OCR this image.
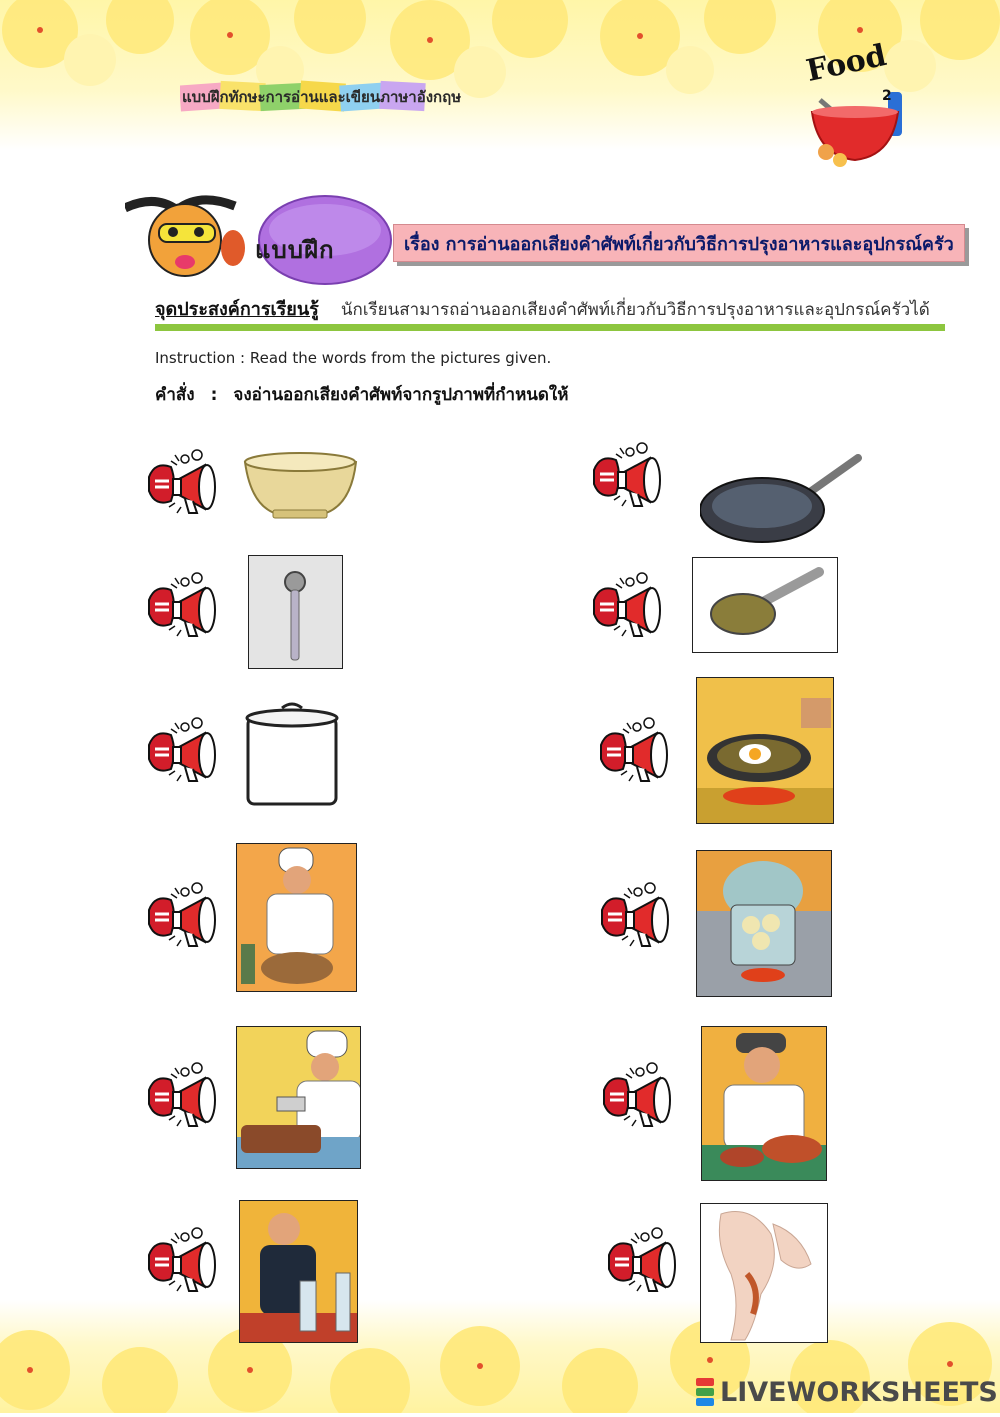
แบบฝึกทักษะการอ่านและเขียนภาษาอังกฤษ
Food
2
แบบฝึก	เรื่อง การอ่านออกเสียงคำศัพท์เกี่ยวกับวิธีการปรุงอาหารและอุปกรณ์ครัว
จุดประสงค์การเรียนรู้ นักเรียนสามารถอ่านออกเสียงคำศัพท์เกี่ยวกับวิธีการปรุงอาหารและอุปกรณ์ครัวได้
Instruction : Read the words from the pictures given.
คำสั่ง : จงอ่านออกเสียงคำศัพท์จากรูปภาพที่กำหนดให้
LIVEWORKSHEETS
